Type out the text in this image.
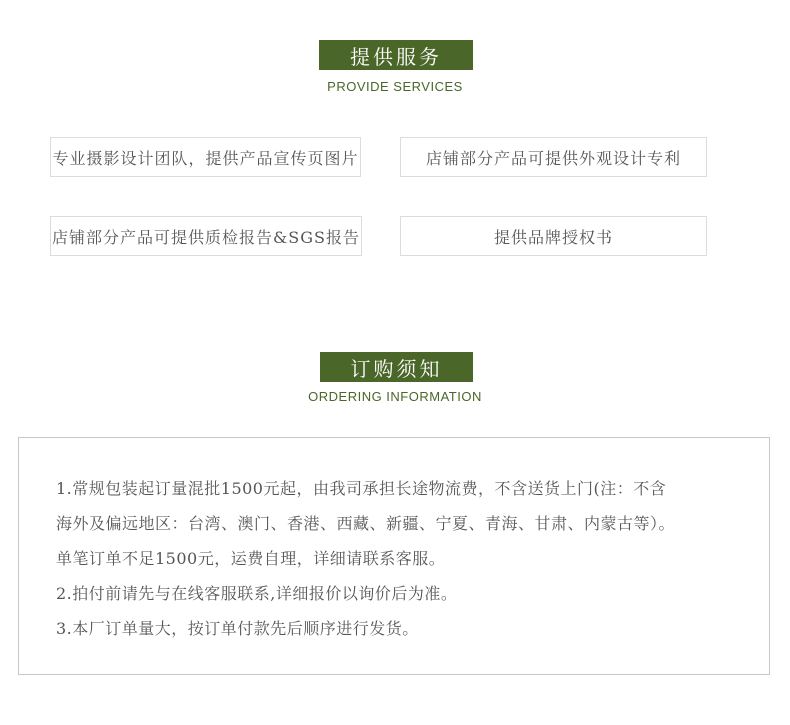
提供服务
PROVIDE SERVICES
专业摄影设计团队，提供产品宣传页图片	店铺部分产品可提供外观设计专利
店铺部分产品可提供质检报告&SGS报告	提供品牌授权书
订购须知
ORDERING INFORMATION
1.常规包装起订量混批1500元起，由我司承担长途物流费，不含送货上门(注：不含
海外及偏远地区：台湾、澳门、香港、西藏、新疆、宁夏、青海、甘肃、内蒙古等）。
单笔订单不足1500元，运费自理，详细请联系客服。
2.拍付前请先与在线客服联系,详细报价以询价后为准。
3.本厂订单量大，按订单付款先后顺序进行发货。
